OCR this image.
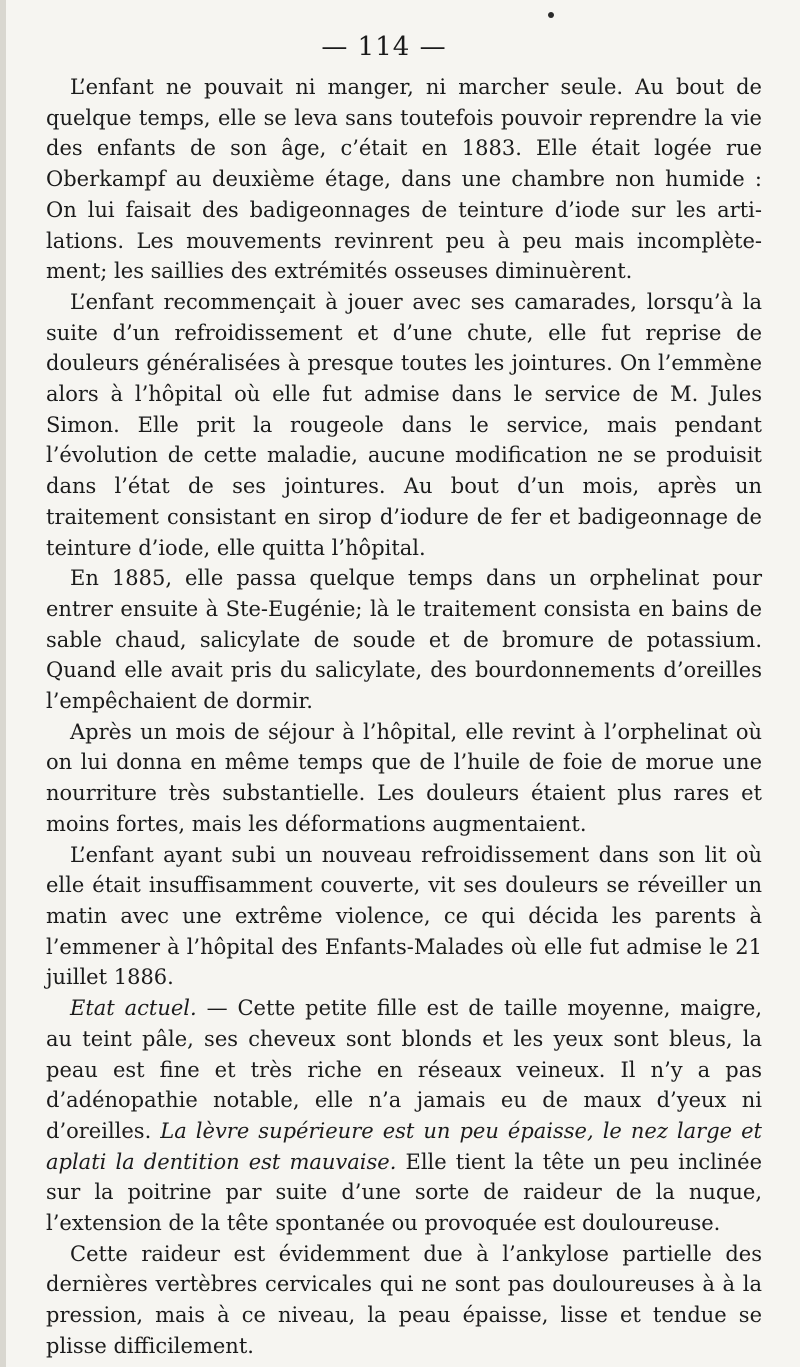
— 114 —

L’enfant ne pouvait ni manger, ni marcher seule. Au bout de quelque temps, elle se leva sans toutefois pouvoir reprendre la vie des enfants de son âge, c’était en 1883. Elle était logée rue Oberkampf au deuxième étage, dans une chambre non humide : On lui faisait des badigeonnages de teinture d’iode sur les artilations. Les mouvements revinrent peu à peu mais incomplètement; les saillies des extrémités osseuses diminuèrent.

L’enfant recommençait à jouer avec ses camarades, lorsqu’à la suite d’un refroidissement et d’une chute, elle fut reprise de douleurs généralisées à presque toutes les jointures. On l’emmène alors à l’hôpital où elle fut admise dans le service de M. Jules Simon. Elle prit la rougeole dans le service, mais pendant l’évolution de cette maladie, aucune modification ne se produisit dans l’état de ses jointures. Au bout d’un mois, après un traitement consistant en sirop d’iodure de fer et badigeonnage de teinture d’iode, elle quitta l’hôpital.

En 1885, elle passa quelque temps dans un orphelinat pour entrer ensuite à Ste-Eugénie; là le traitement consista en bains de sable chaud, salicylate de soude et de bromure de potassium. Quand elle avait pris du salicylate, des bourdonnements d’oreilles l’empêchaient de dormir.

Après un mois de séjour à l’hôpital, elle revint à l’orphelinat où on lui donna en même temps que de l’huile de foie de morue une nourriture très substantielle. Les douleurs étaient plus rares et moins fortes, mais les déformations augmentaient.

L’enfant ayant subi un nouveau refroidissement dans son lit où elle était insuffisamment couverte, vit ses douleurs se réveiller un matin avec une extrême violence, ce qui décida les parents à l’emmener à l’hôpital des Enfants-Malades où elle fut admise le 21 juillet 1886.

Etat actuel. — Cette petite fille est de taille moyenne, maigre, au teint pâle, ses cheveux sont blonds et les yeux sont bleus, la peau est fine et très riche en réseaux veineux. Il n’y a pas d’adénopathie notable, elle n’a jamais eu de maux d’yeux ni d’oreilles. La lèvre supérieure est un peu épaisse, le nez large et aplati la dentition est mauvaise. Elle tient la tête un peu inclinée sur la poitrine par suite d’une sorte de raideur de la nuque, l’extension de la tête spontanée ou provoquée est douloureuse.

Cette raideur est évidemment due à l’ankylose partielle des dernières vertèbres cervicales qui ne sont pas douloureuses à à la pression, mais à ce niveau, la peau épaisse, lisse et tendue se plisse difficilement.
